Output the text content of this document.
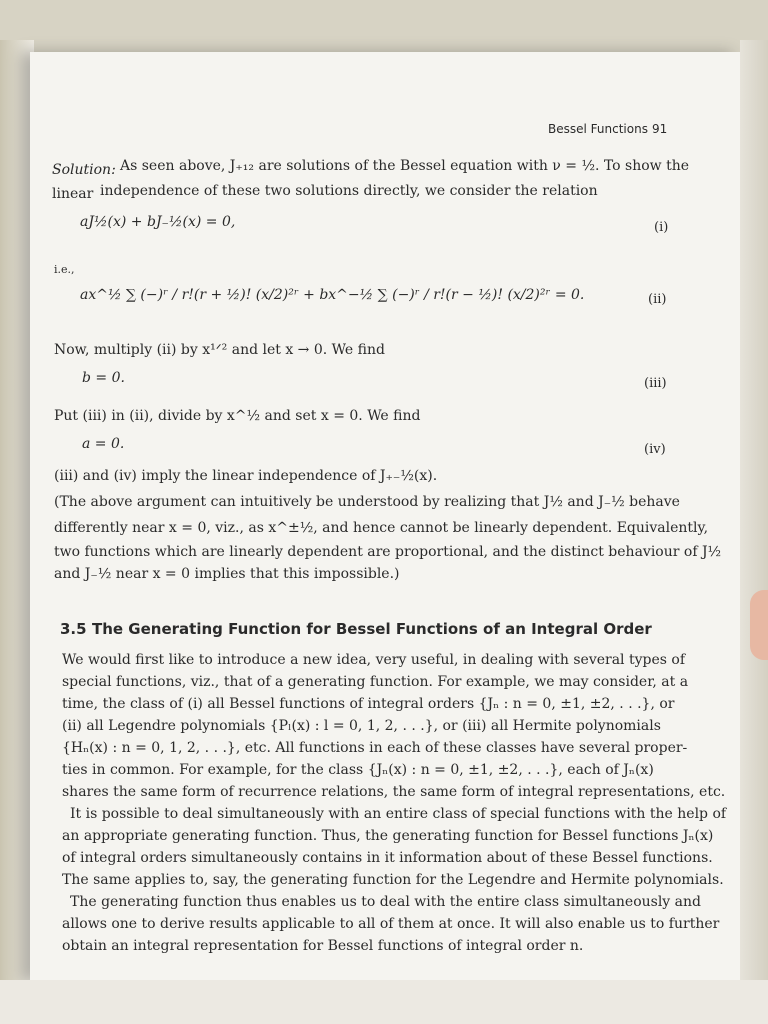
Bessel Functions 91
Solution: As seen above, J₊₁₂ are solutions of the Bessel equation with ν = ½. To show the
linear independence of these two solutions directly, we consider the relation
aJ½(x) + bJ₋½(x) = 0,	(i)
i.e.,
ax^½ ∑ (−)ʳ / r!(r + ½)! (x/2)²ʳ + bx^−½ ∑ (−)ʳ / r!(r − ½)! (x/2)²ʳ = 0.	(ii)
Now, multiply (ii) by x¹ᐟ² and let x → 0. We find
b = 0.	(iii)
Put (iii) in (ii), divide by x^½ and set x = 0. We find
a = 0.	(iv)
(iii) and (iv) imply the linear independence of J₊₋½(x).
(The above argument can intuitively be understood by realizing that J½ and J₋½ behave
differently near x = 0, viz., as x^±½, and hence cannot be linearly dependent. Equivalently,
two functions which are linearly dependent are proportional, and the distinct behaviour of J½
and J₋½ near x = 0 implies that this impossible.)
3.5 The Generating Function for Bessel Functions of an Integral Order
We would first like to introduce a new idea, very useful, in dealing with several types of
special functions, viz., that of a generating function. For example, we may consider, at a
time, the class of (i) all Bessel functions of integral orders {Jₙ : n = 0, ±1, ±2, . . .}, or
(ii) all Legendre polynomials {Pₗ(x) : l = 0, 1, 2, . . .}, or (iii) all Hermite polynomials
{Hₙ(x) : n = 0, 1, 2, . . .}, etc. All functions in each of these classes have several proper-
ties in common. For example, for the class {Jₙ(x) : n = 0, ±1, ±2, . . .}, each of Jₙ(x)
shares the same form of recurrence relations, the same form of integral representations, etc.
It is possible to deal simultaneously with an entire class of special functions with the help of
an appropriate generating function. Thus, the generating function for Bessel functions Jₙ(x)
of integral orders simultaneously contains in it information about of these Bessel functions.
The same applies to, say, the generating function for the Legendre and Hermite polynomials.
The generating function thus enables us to deal with the entire class simultaneously and
allows one to derive results applicable to all of them at once. It will also enable us to further
obtain an integral representation for Bessel functions of integral order n.
